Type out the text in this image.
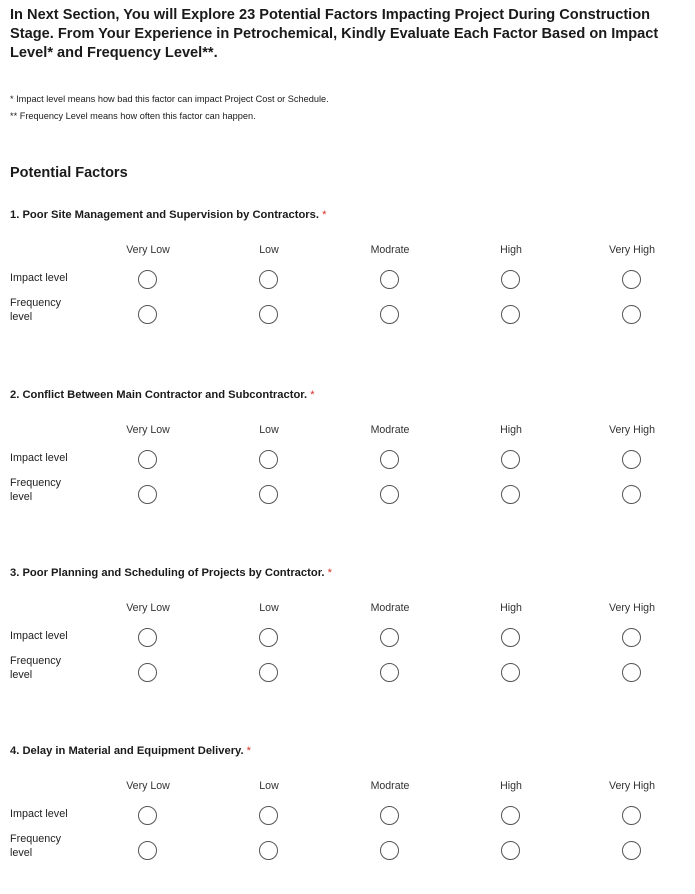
In Next Section, You will Explore 23 Potential Factors Impacting Project During Construction Stage. From Your Experience in Petrochemical, Kindly Evaluate Each Factor Based on Impact Level* and Frequency Level**.

* Impact level means how bad this factor can impact Project Cost or Schedule.

** Frequency Level means how often this factor can happen.

Potential Factors

1. Poor Site Management and Supervision by Contractors. *

Very Low	Low	Modrate	High	Very High
Impact level
Frequency level

2. Conflict Between Main Contractor and Subcontractor. *

Very Low	Low	Modrate	High	Very High
Impact level
Frequency level

3. Poor Planning and Scheduling of Projects by Contractor. *

Very Low	Low	Modrate	High	Very High
Impact level
Frequency level

4. Delay in Material and Equipment Delivery. *

Very Low	Low	Modrate	High	Very High
Impact level
Frequency level
